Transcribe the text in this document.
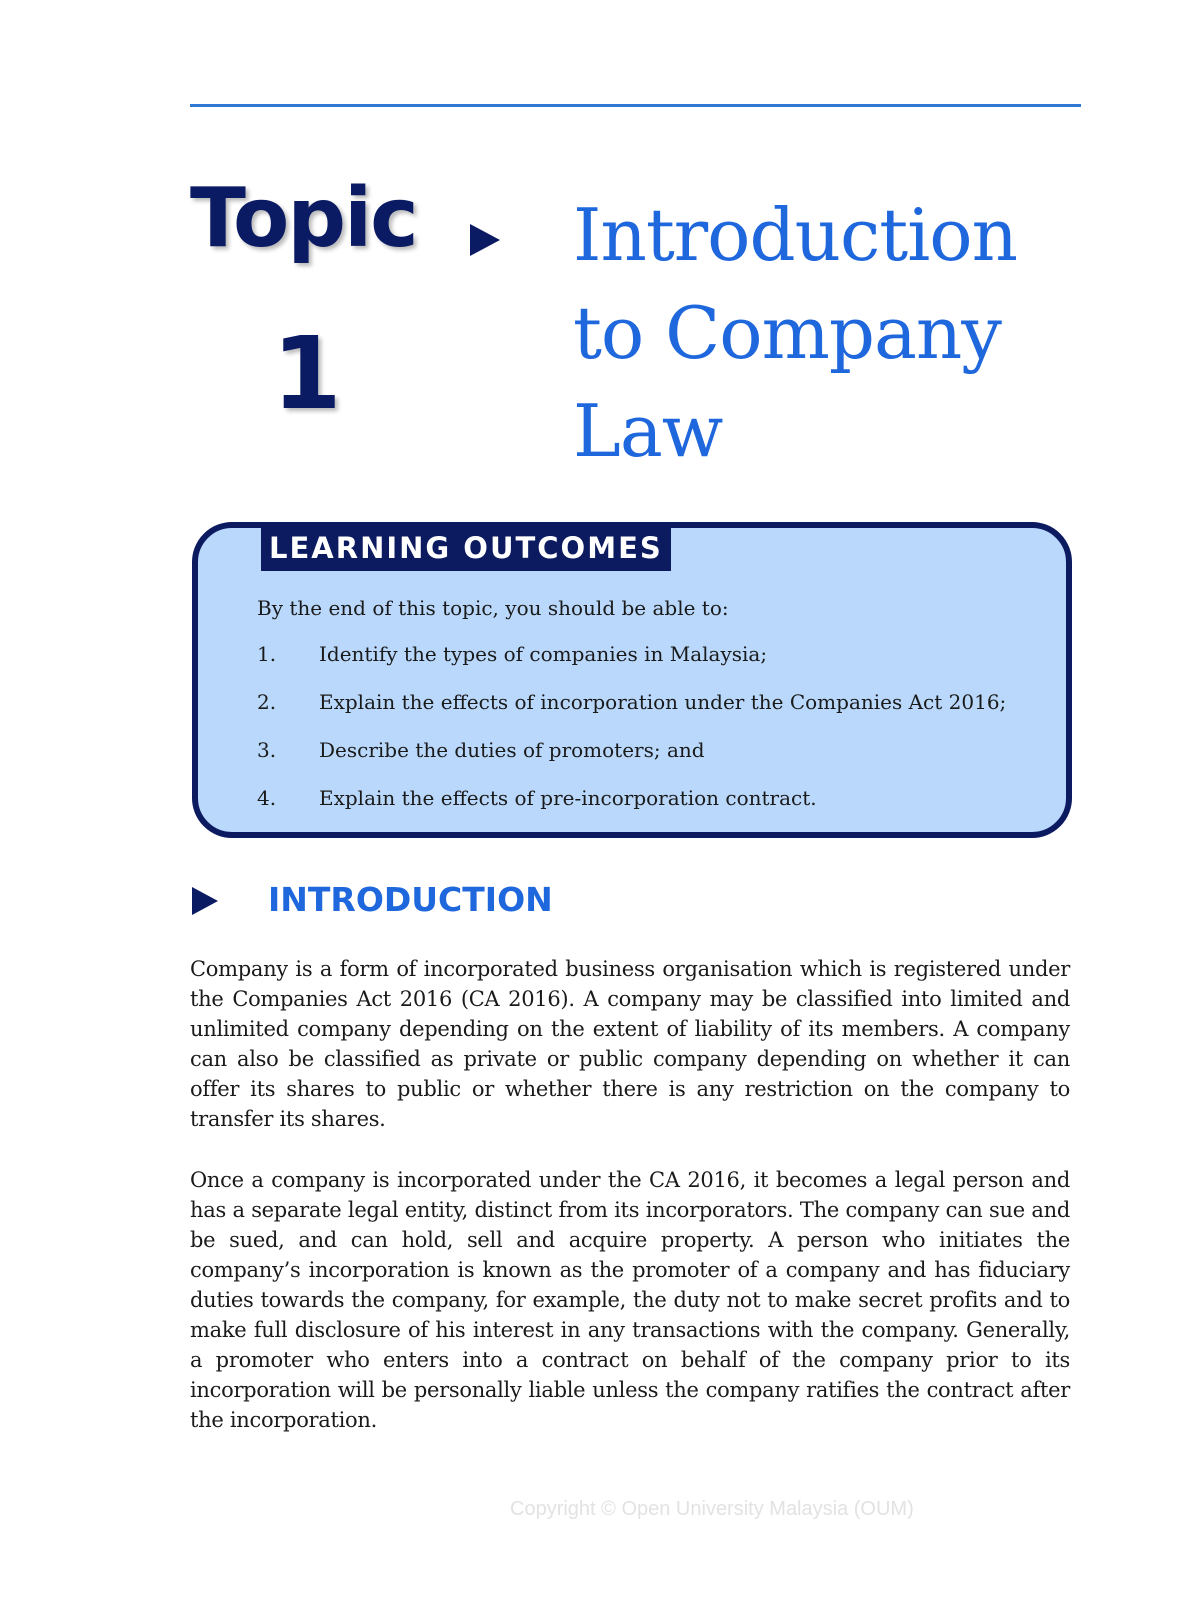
Topic
1
Introduction
to Company
Law
LEARNING OUTCOMES
By the end of this topic, you should be able to:
1. Identify the types of companies in Malaysia;
2. Explain the effects of incorporation under the Companies Act 2016;
3. Describe the duties of promoters; and
4. Explain the effects of pre-incorporation contract.
INTRODUCTION

Company is a form of incorporated business organisation which is registered under the Companies Act 2016 (CA 2016). A company may be classified into limited and unlimited company depending on the extent of liability of its members. A company can also be classified as private or public company depending on whether it can offer its shares to public or whether there is any restriction on the company to transfer its shares.

Once a company is incorporated under the CA 2016, it becomes a legal person and has a separate legal entity, distinct from its incorporators. The company can sue and be sued, and can hold, sell and acquire property. A person who initiates the company’s incorporation is known as the promoter of a company and has fiduciary duties towards the company, for example, the duty not to make secret profits and to make full disclosure of his interest in any transactions with the company. Generally, a promoter who enters into a contract on behalf of the company prior to its incorporation will be personally liable unless the company ratifies the contract after the incorporation.

Copyright © Open University Malaysia (OUM)
